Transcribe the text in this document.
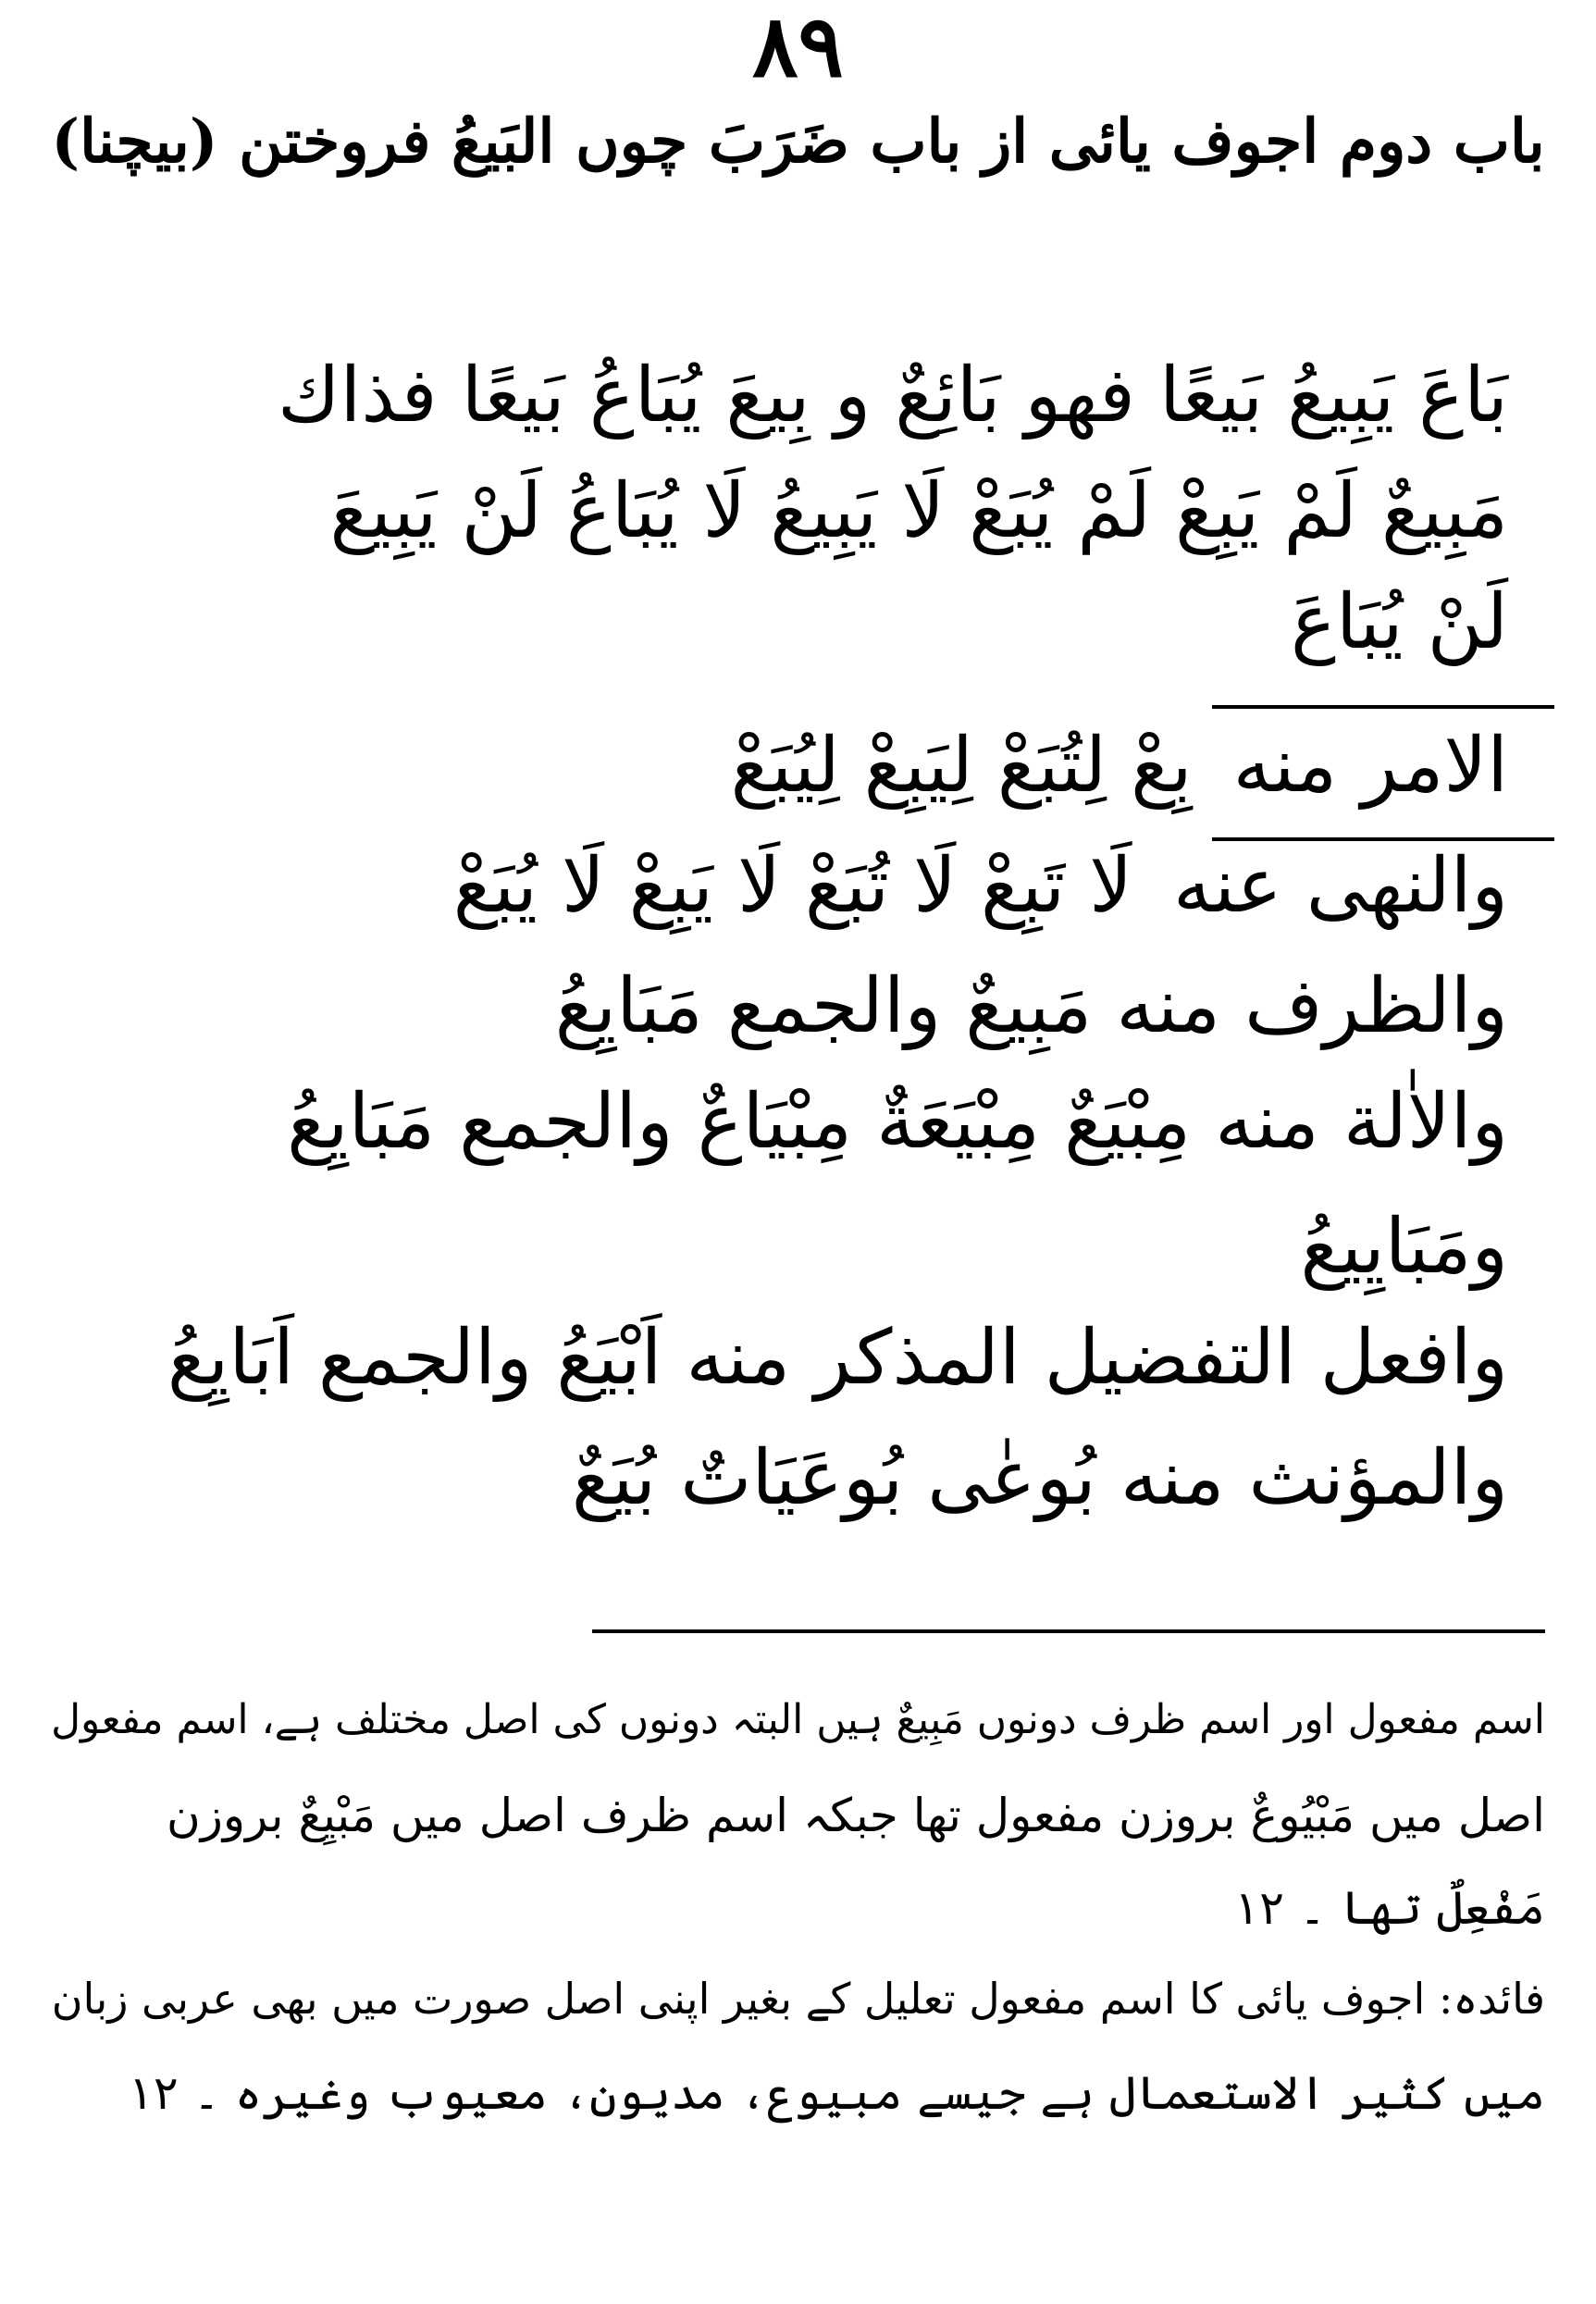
٨٩
باب دوم اجوف یائی از باب ضَرَبَ چوں البَیعُ فروختن (بیچنا)
بَاعَ یَبِیعُ بَیعًا فھو بَائِعٌ و بِیعَ یُبَاعُ بَیعًا فذاك
مَبِیعٌ لَمْ یَبِعْ لَمْ یُبَعْ لَا یَبِیعُ لَا یُبَاعُ لَنْ یَبِیعَ
لَنْ یُبَاعَ
الامر منه
بِعْ لِتُبَعْ لِیَبِعْ لِیُبَعْ
والنھی عنه
لَا تَبِعْ لَا تُبَعْ لَا یَبِعْ لَا یُبَعْ
والظرف منه مَبِیعٌ والجمع مَبَایِعُ
والاٰلة منه مِبْیَعٌ مِبْیَعَةٌ مِبْیَاعٌ والجمع مَبَایِعُ
ومَبَایِیعُ
وافعل التفضیل المذکر منه اَبْیَعُ والجمع اَبَایِعُ
والمؤنث منه بُوعٰی بُوعَیَاتٌ بُیَعٌ
اسم مفعول اور اسم ظرف دونوں مَبِیعٌ ہیں البتہ دونوں کی اصل مختلف ہے، اسم مفعول
اصل میں مَبْیُوعٌ بروزن مفعول تھا جبکہ اسم ظرف اصل میں مَبْیِعٌ بروزن
مَفْعِلٌ تھا ۔ ۱۲
فائدہ: اجوف یائی کا اسم مفعول تعلیل کے بغیر اپنی اصل صورت میں بھی عربی زبان
میں کثیر الاستعمال ہے جیسے مبیوع، مدیون، معیوب وغیرہ ۔ ۱۲
